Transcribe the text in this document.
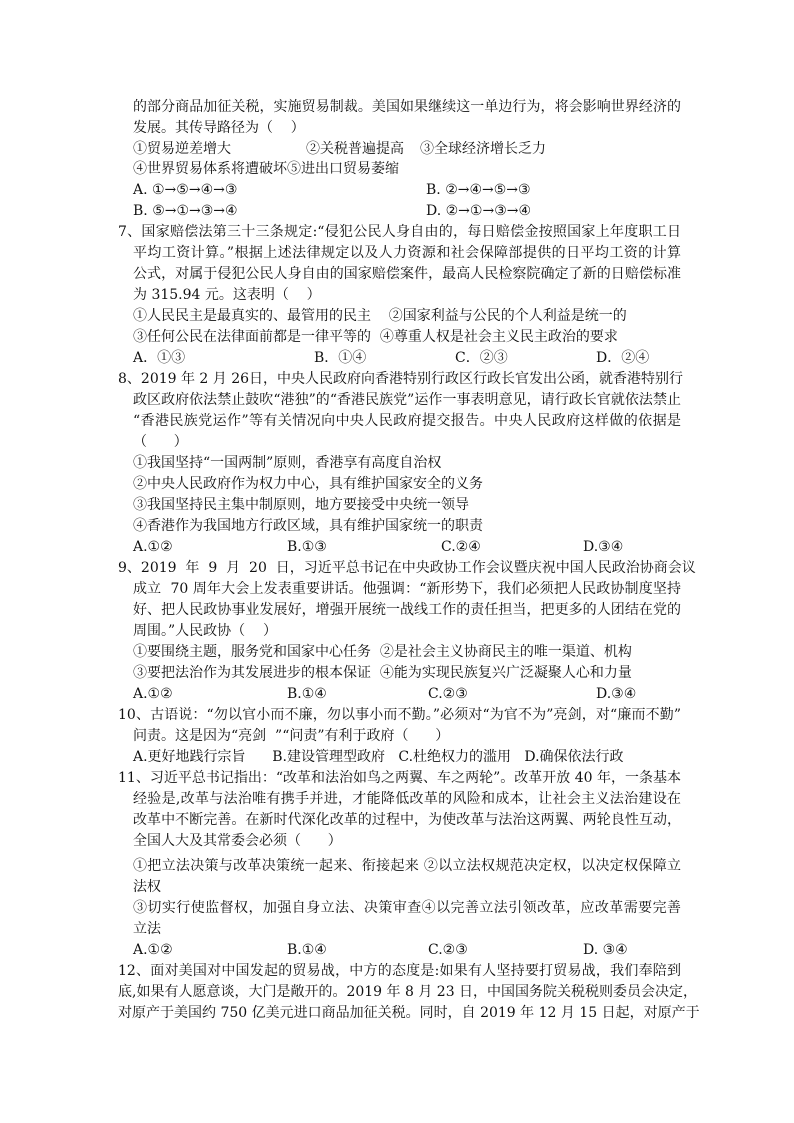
的部分商品加征关税，实施贸易制裁。美国如果继续这一单边行为，将会影响世界经济的
发展。其传导路径为（    ）
①贸易逆差增大	②关税普遍提高 ③全球经济增长乏力
④世界贸易体系将遭破坏⑤进出口贸易萎缩
A. ①→⑤→④→③	B. ②→④→⑤→③
B. ⑤→①→③→④	D. ②→①→③→④
7、国家赔偿法第三十三条规定:“侵犯公民人身自由的，每日赔偿金按照国家上年度职工日
平均工资计算。”根据上述法律规定以及人力资源和社会保障部提供的日平均工资的计算
公式，对属于侵犯公民人身自由的国家赔偿案件，最高人民检察院确定了新的日赔偿标准
为 315.94 元。这表明（    ）
①人民民主是最真实的、最管用的民主    ②国家利益与公民的个人利益是统一的
③任何公民在法律面前都是一律平等的  ④尊重人权是社会主义民主政治的要求
A．①③	B．①④	C．②③	D．②④
8、2019 年 2 月 26日，中央人民政府向香港特别行政区行政长官发出公函，就香港特别行
政区政府依法禁止鼓吹“港独”的“香港民族党”运作一事表明意见，请行政长官就依法禁止
“香港民族党运作”等有关情况向中央人民政府提交报告。中央人民政府这样做的依据是
（      ）
①我国坚持“一国两制”原则，香港享有高度自治权
②中央人民政府作为权力中心，具有维护国家安全的义务
③我国坚持民主集中制原则，地方要接受中央统一领导
④香港作为我国地方行政区域，具有维护国家统一的职责
A.①②	B.①③	C.②④	D.③④
9、2019  年  9  月  20  日，习近平总书记在中央政协工作会议暨庆祝中国人民政治协商会议
成立  70 周年大会上发表重要讲话。他强调：“新形势下，我们必须把人民政协制度坚持
好、把人民政协事业发展好，增强开展统一战线工作的责任担当，把更多的人团结在党的
周围。”人民政协（    ）
①要围绕主题，服务党和国家中心任务  ②是社会主义协商民主的唯一渠道、机构
③要把法治作为其发展进步的根本保证  ④能为实现民族复兴广泛凝聚人心和力量
A.①②	B.①④	C.②③	D.③④
10、古语说：“勿以官小而不廉，勿以事小而不勤。”必须对“为官不为”亮剑，对“廉而不勤”
问责。这是因为“亮剑  ”“问责”有利于政府（      ）
A.更好地践行宗旨      B.建设管理型政府   C.杜绝权力的滥用   D.确保依法行政
11、习近平总书记指出：“改革和法治如鸟之两翼、车之两轮”。改革开放 40 年，一条基本
经验是,改革与法治唯有携手并进，才能降低改革的风险和成本，让社会主义法治建设在
改革中不断完善。在新时代深化改革的过程中，为使改革与法治这两翼、两轮良性互动，
全国人大及其常委会必须（      ）
①把立法决策与改革决策统一起来、衔接起来 ②以立法权规范决定权，以决定权保障立
法权
③切实行使监督权，加强自身立法、决策审查④以完善立法引领改革，应改革需要完善
立法
A.①②	B.①④	C.②③	D. ③④
12、面对美国对中国发起的贸易战，中方的态度是:如果有人坚持要打贸易战，我们奉陪到
底,如果有人愿意谈，大门是敞开的。2019 年 8 月 23 日，中国国务院关税税则委员会决定，
对原产于美国约 750 亿美元进口商品加征关税。同时，自 2019 年 12 月 15 日起，对原产于
